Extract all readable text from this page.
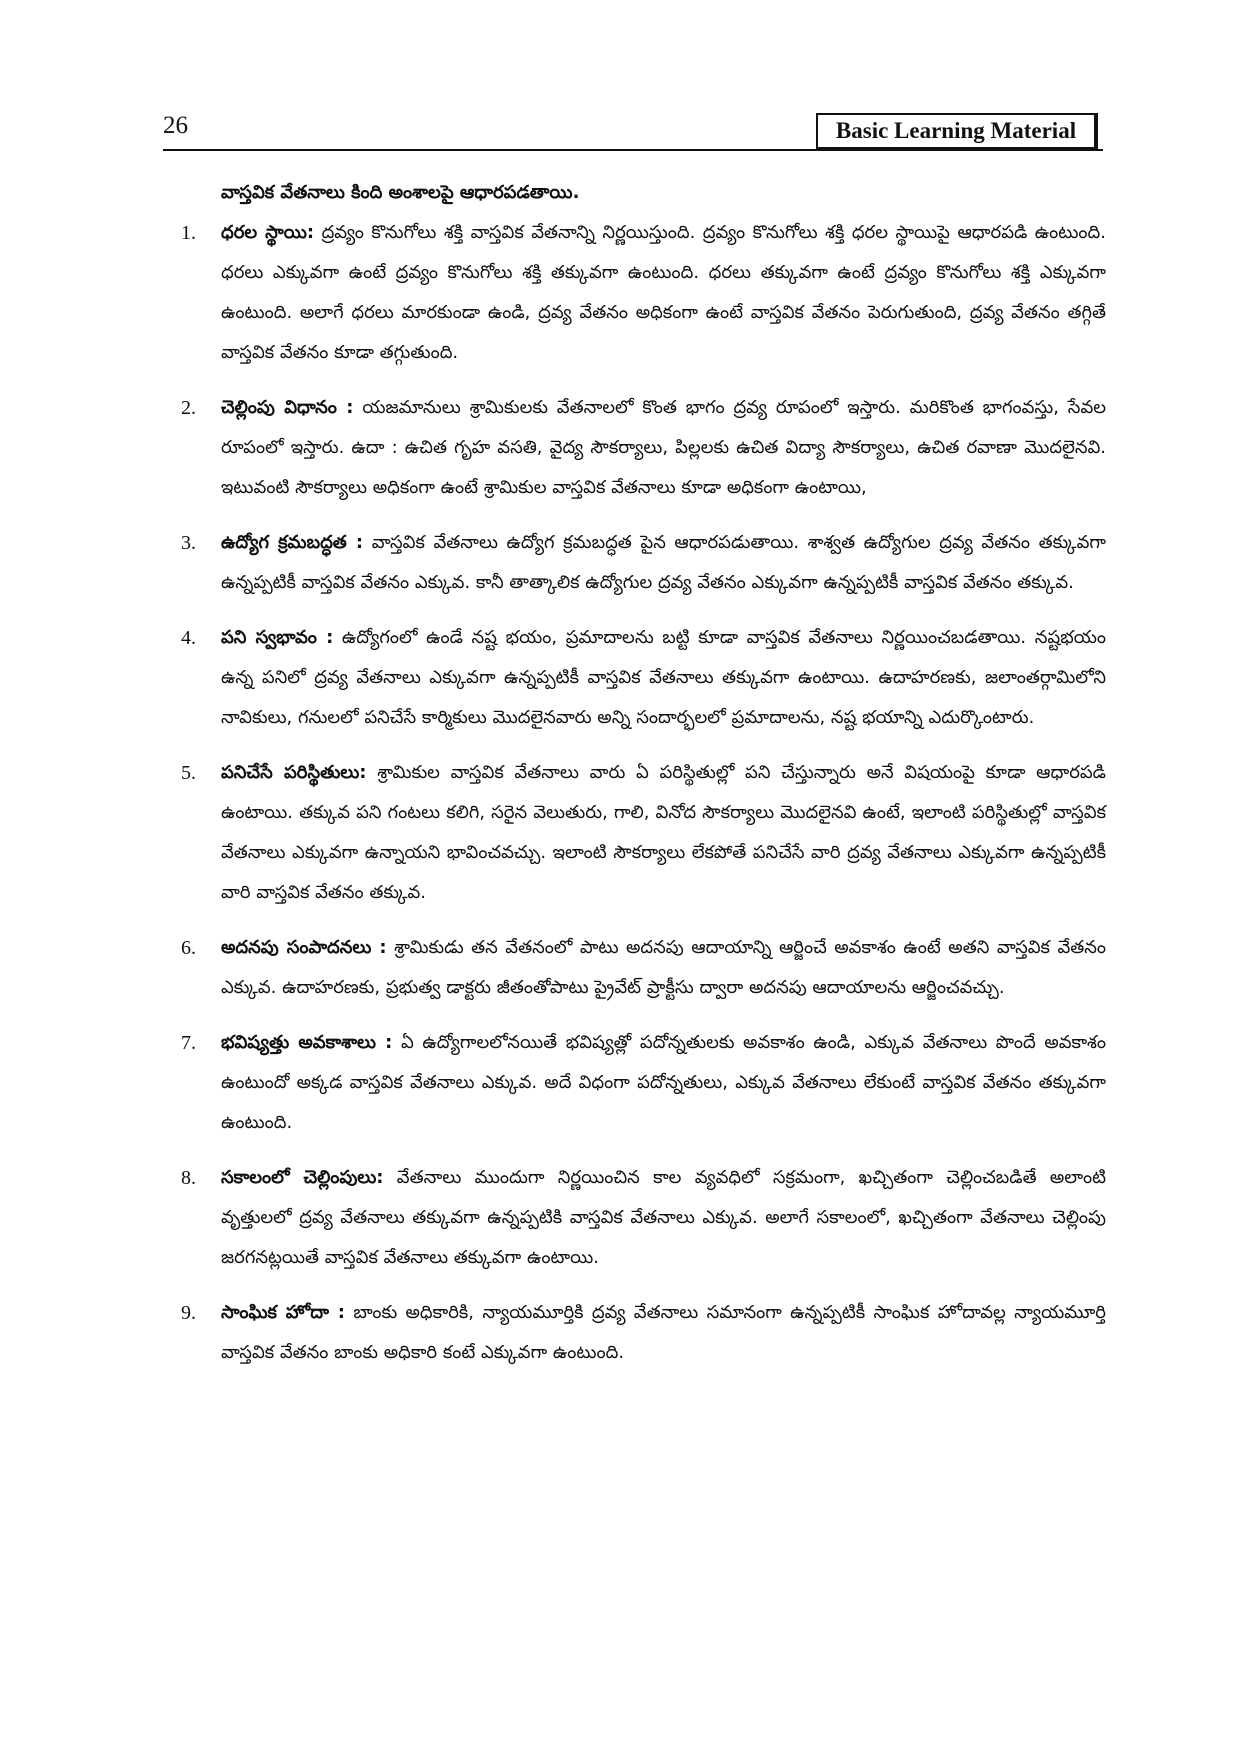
26	Basic Learning Material

వాస్తవిక వేతనాలు కింది అంశాలపై ఆధారపడతాయి.

1.	ధరల స్థాయి: ద్రవ్యం కొనుగోలు శక్తి వాస్తవిక వేతనాన్ని నిర్ణయిస్తుంది. ద్రవ్యం కొనుగోలు శక్తి ధరల స్థాయిపై ఆధారపడి ఉంటుంది. ధరలు ఎక్కువగా ఉంటే ద్రవ్యం కొనుగోలు శక్తి తక్కువగా ఉంటుంది. ధరలు తక్కువగా ఉంటే ద్రవ్యం కొనుగోలు శక్తి ఎక్కువగా ఉంటుంది. అలాగే ధరలు మారకుండా ఉండి, ద్రవ్య వేతనం అధికంగా ఉంటే వాస్తవిక వేతనం పెరుగుతుంది, ద్రవ్య వేతనం తగ్గితే వాస్తవిక వేతనం కూడా తగ్గుతుంది.
2.	చెల్లింపు విధానం : యజమానులు శ్రామికులకు వేతనాలలో కొంత భాగం ద్రవ్య రూపంలో ఇస్తారు. మరికొంత భాగంవస్తు, సేవల రూపంలో ఇస్తారు. ఉదా : ఉచిత గృహ వసతి, వైద్య సౌకర్యాలు, పిల్లలకు ఉచిత విద్యా సౌకర్యాలు, ఉచిత రవాణా మొదలైనవి. ఇటువంటి సౌకర్యాలు అధికంగా ఉంటే శ్రామికుల వాస్తవిక వేతనాలు కూడా అధికంగా ఉంటాయి,
3.	ఉద్యోగ క్రమబద్ధత : వాస్తవిక వేతనాలు ఉద్యోగ క్రమబద్ధత పైన ఆధారపడుతాయి. శాశ్వత ఉద్యోగుల ద్రవ్య వేతనం తక్కువగా ఉన్నప్పటికీ వాస్తవిక వేతనం ఎక్కువ. కానీ తాత్కాలిక ఉద్యోగుల ద్రవ్య వేతనం ఎక్కువగా ఉన్నప్పటికీ వాస్తవిక వేతనం తక్కువ.
4.	పని స్వభావం : ఉద్యోగంలో ఉండే నష్ట భయం, ప్రమాదాలను బట్టి కూడా వాస్తవిక వేతనాలు నిర్ణయించబడతాయి. నష్టభయం ఉన్న పనిలో ద్రవ్య వేతనాలు ఎక్కువగా ఉన్నప్పటికీ వాస్తవిక వేతనాలు తక్కువగా ఉంటాయి. ఉదాహరణకు, జలాంతర్గామిలోని నావికులు, గనులలో పనిచేసే కార్మికులు మొదలైనవారు అన్ని సందార్భలలో ప్రమాదాలను, నష్ట భయాన్ని ఎదుర్కొంటారు.
5.	పనిచేసే పరిస్థితులు: శ్రామికుల వాస్తవిక వేతనాలు వారు ఏ పరిస్థితుల్లో పని చేస్తున్నారు అనే విషయంపై కూడా ఆధారపడి ఉంటాయి. తక్కువ పని గంటలు కలిగి, సరైన వెలుతురు, గాలి, వినోద సౌకర్యాలు మొదలైనవి ఉంటే, ఇలాంటి పరిస్థితుల్లో వాస్తవిక వేతనాలు ఎక్కువగా ఉన్నాయని భావించవచ్చు. ఇలాంటి సౌకర్యాలు లేకపోతే పనిచేసే వారి ద్రవ్య వేతనాలు ఎక్కువగా ఉన్నప్పటికీ వారి వాస్తవిక వేతనం తక్కువ.
6.	అదనపు సంపాదనలు : శ్రామికుడు తన వేతనంలో పాటు అదనపు ఆదాయాన్ని ఆర్జించే అవకాశం ఉంటే అతని వాస్తవిక వేతనం ఎక్కువ. ఉదాహరణకు, ప్రభుత్వ డాక్టరు జీతంతోపాటు ప్రైవేట్ ప్రాక్టీసు ద్వారా అదనపు ఆదాయాలను ఆర్జించవచ్చు.
7.	భవిష్యత్తు అవకాశాలు : ఏ ఉద్యోగాలలోనయితే భవిష్యత్లో పదోన్నతులకు అవకాశం ఉండి, ఎక్కువ వేతనాలు పొందే అవకాశం ఉంటుందో అక్కడ వాస్తవిక వేతనాలు ఎక్కువ. అదే విధంగా పదోన్నతులు, ఎక్కువ వేతనాలు లేకుంటే వాస్తవిక వేతనం తక్కువగా ఉంటుంది.
8.	సకాలంలో చెల్లింపులు: వేతనాలు ముందుగా నిర్ణయించిన కాల వ్యవధిలో సక్రమంగా, ఖచ్చితంగా చెల్లించబడితే అలాంటి వృత్తులలో ద్రవ్య వేతనాలు తక్కువగా ఉన్నప్పటికి వాస్తవిక వేతనాలు ఎక్కువ. అలాగే సకాలంలో, ఖచ్చితంగా వేతనాలు చెల్లింపు జరగనట్లయితే వాస్తవిక వేతనాలు తక్కువగా ఉంటాయి.
9.	సాంఘిక హోదా : బాంకు అధికారికి, న్యాయమూర్తికి ద్రవ్య వేతనాలు సమానంగా ఉన్నప్పటికీ సాంఘిక హోదావల్ల న్యాయమూర్తి వాస్తవిక వేతనం బాంకు అధికారి కంటే ఎక్కువగా ఉంటుంది.
